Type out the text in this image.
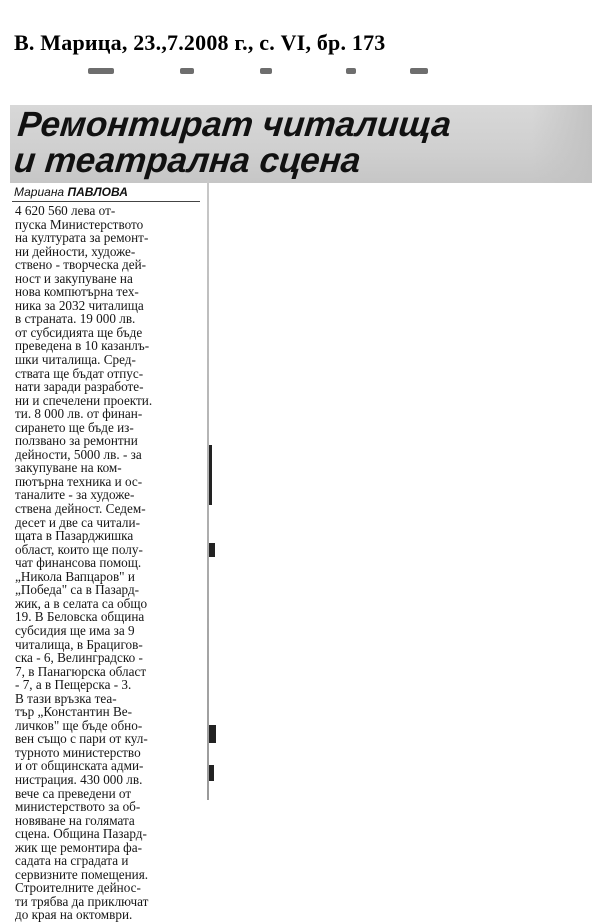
В. Марица, 23.,7.2008 г., с. VI, бр. 173
Ремонтират читалища
и театрална сцена
Мариана ПАВЛОВА
4 620 560 лева от-
пуска Министерството
на културата за ремонт-
ни дейности, художе-
ствено - творческа дей-
ност и закупуване на
нова компютърна тех-
ника за 2032 читалища
в страната. 19 000 лв.
от субсидията ще бъде
преведена в 10 казанлъ-
шки читалища. Сред-
ствата ще бъдат отпус-
нати заради разработе-
ни и спечелени проекти.
ти. 8 000 лв. от финан-
сирането ще бъде из-
ползвано за ремонтни
дейности, 5000 лв. - за
закупуване на ком-
пютърна техника и ос-
таналите - за художе-
ствена дейност. Седем-
десет и две са читали-
щата в Пазарджишка
област, които ще полу-
чат финансова помощ.
„Никола Вапцаров" и
„Победа" са в Пазард-
жик, а в селата са общо
19. В Беловска община
субсидия ще има за 9
читалища, в Брацигов-
ска - 6, Велинградско -
7, в Панагюрска област
- 7, а в Пещерска - 3.
В тази връзка теа-
тър „Константин Ве-
личков" ще бъде обно-
вен също с пари от кул-
турното министерство
и от общинската адми-
нистрация. 430 000 лв.
вече са преведени от
министерството за об-
новяване на голямата
сцена. Община Пазард-
жик ще ремонтира фа-
садата на сградата и
сервизните помещения.
Строителните дейнос-
ти трябва да приключат
до края на октомври.
